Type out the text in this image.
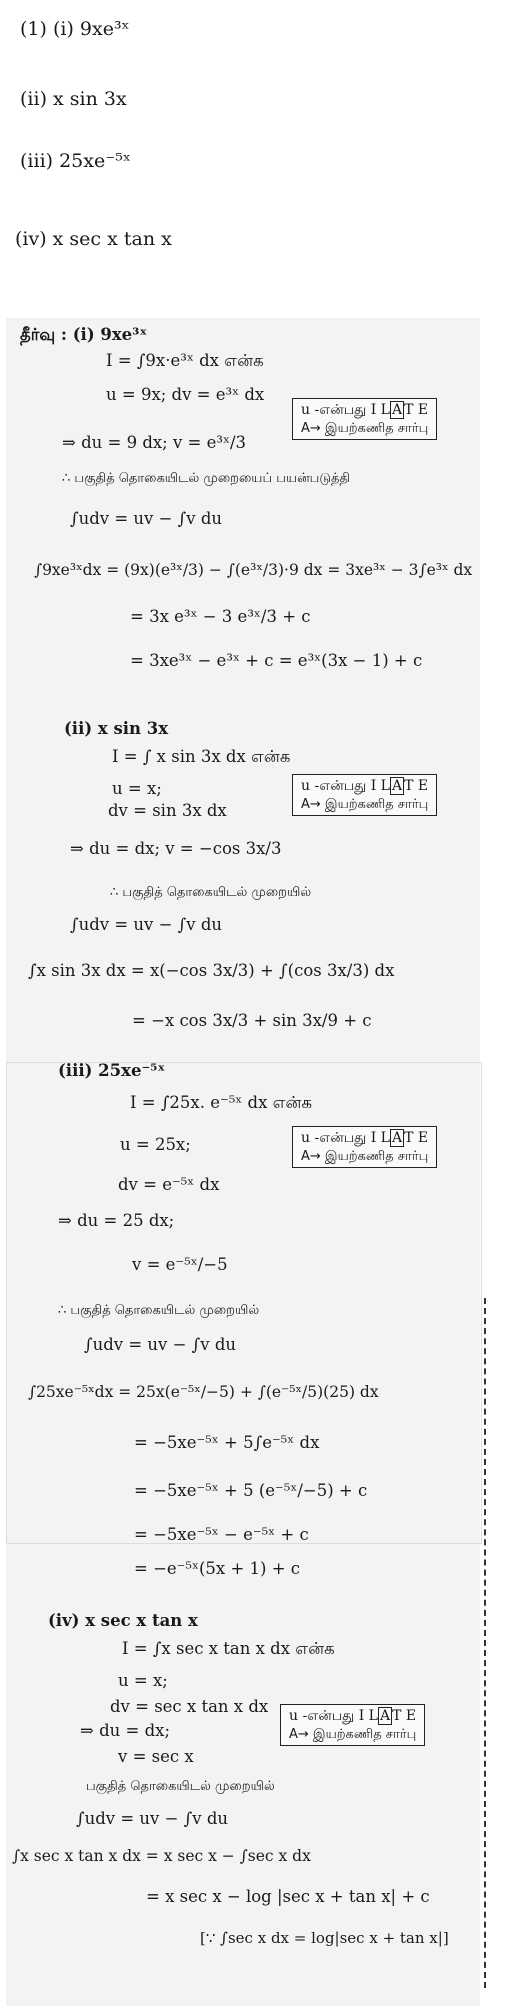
(1) (i) 9xe³ˣ
(ii) x sin 3x
(iii) 25xe⁻⁵ˣ
(iv) x sec x tan x
தீர்வு : (i) 9xe³ˣ
I = ∫9x·e³ˣ dx என்க
u = 9x; dv = e³ˣ dx
⇒ du = 9 dx; v = e³ˣ/3
∴ பகுதித் தொகையிடல் முறையைப் பயன்படுத்தி
∫udv = uv − ∫v du
∫9xe³ˣdx = (9x)(e³ˣ/3) − ∫(e³ˣ/3)·9 dx = 3xe³ˣ − 3∫e³ˣ dx
= 3x e³ˣ − 3 e³ˣ/3 + c
= 3xe³ˣ − e³ˣ + c = e³ˣ(3x − 1) + c
u -என்பது I L A T E
A→ இயற்கணித சார்பு
(ii) x sin 3x
I = ∫ x sin 3x dx என்க
u = x;
dv = sin 3x dx
⇒ du = dx; v = −cos 3x/3
∴ பகுதித் தொகையிடல் முறையில்
∫udv = uv − ∫v du
∫x sin 3x dx = x(−cos 3x/3) + ∫(cos 3x/3) dx
= −x cos 3x/3 + sin 3x/9 + c
u -என்பது I L A T E
A→ இயற்கணித சார்பு
(iii) 25xe⁻⁵ˣ
I = ∫25x. e⁻⁵ˣ dx என்க
u = 25x;
dv = e⁻⁵ˣ dx
⇒ du = 25 dx;
v = e⁻⁵ˣ/−5
∴ பகுதித் தொகையிடல் முறையில்
∫udv = uv − ∫v du
∫25xe⁻⁵ˣdx = 25x(e⁻⁵ˣ/−5) + ∫(e⁻⁵ˣ/5)(25) dx
= −5xe⁻⁵ˣ + 5∫e⁻⁵ˣ dx
= −5xe⁻⁵ˣ + 5 (e⁻⁵ˣ/−5) + c
= −5xe⁻⁵ˣ − e⁻⁵ˣ + c
= −e⁻⁵ˣ(5x + 1) + c
u -என்பது I L A T E
A→ இயற்கணித சார்பு
(iv) x sec x tan x
I = ∫x sec x tan x dx என்க
u = x;
dv = sec x tan x dx
⇒ du = dx;
v = sec x
பகுதித் தொகையிடல் முறையில்
∫udv = uv − ∫v du
∫x sec x tan x dx = x sec x − ∫sec x dx
= x sec x − log |sec x + tan x| + c
[∵ ∫sec x dx = log|sec x + tan x|]
u -என்பது I L A T E
A→ இயற்கணித சார்பு
